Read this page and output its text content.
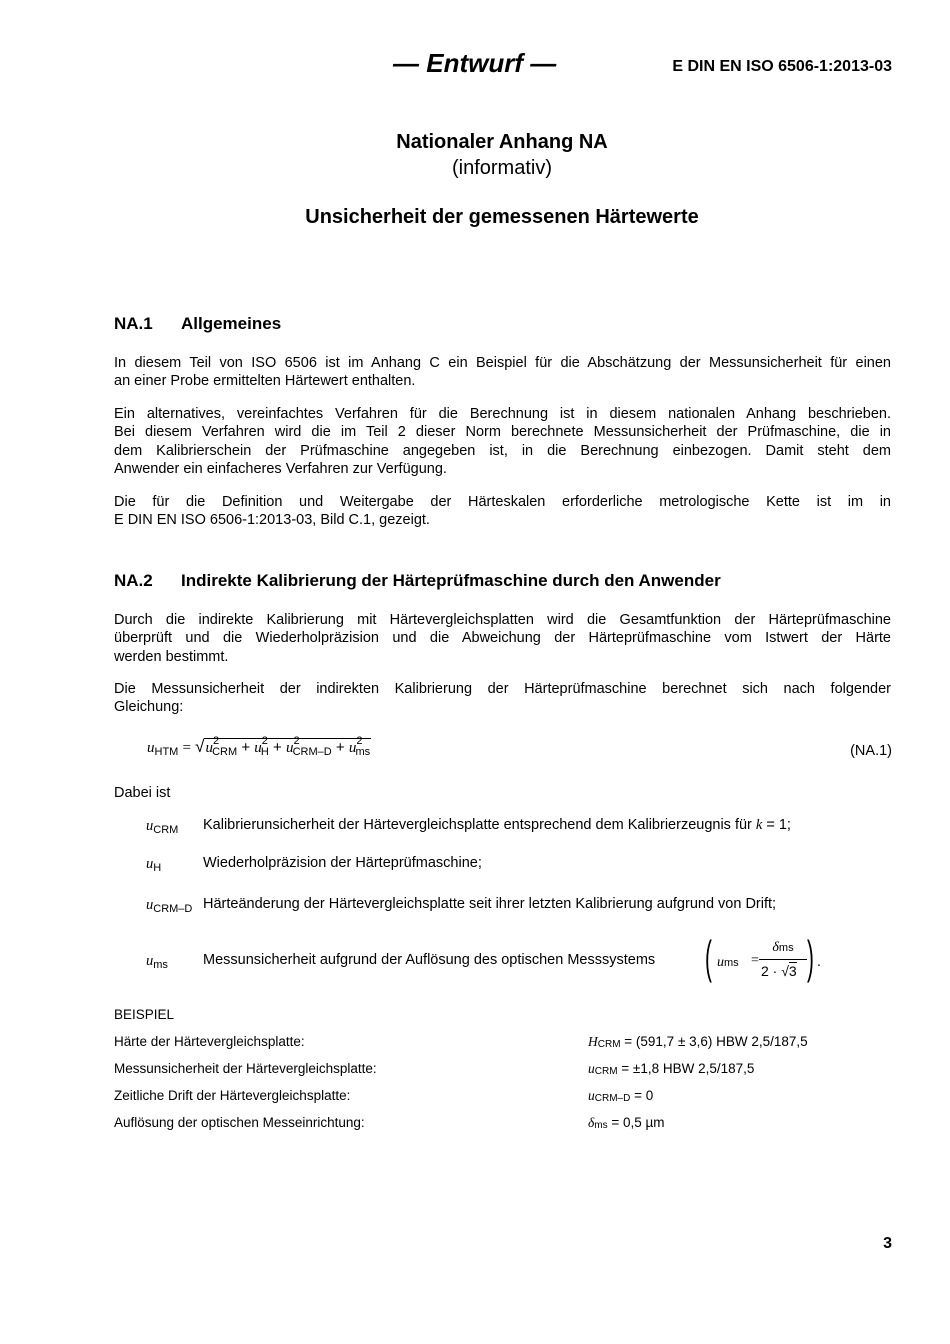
— Entwurf —	E DIN EN ISO 6506-1:2013-03
Nationaler Anhang NA
(informativ)
Unsicherheit der gemessenen Härtewerte
NA.1 Allgemeines
In diesem Teil von ISO 6506 ist im Anhang C ein Beispiel für die Abschätzung der Messunsicherheit für einen
an einer Probe ermittelten Härtewert enthalten.
Ein alternatives, vereinfachtes Verfahren für die Berechnung ist in diesem nationalen Anhang beschrieben.
Bei diesem Verfahren wird die im Teil 2 dieser Norm berechnete Messunsicherheit der Prüfmaschine, die in
dem Kalibrierschein der Prüfmaschine angegeben ist, in die Berechnung einbezogen. Damit steht dem
Anwender ein einfacheres Verfahren zur Verfügung.
Die für die Definition und Weitergabe der Härteskalen erforderliche metrologische Kette ist im in
E DIN EN ISO 6506-1:2013-03, Bild C.1, gezeigt.
NA.2 Indirekte Kalibrierung der Härteprüfmaschine durch den Anwender
Durch die indirekte Kalibrierung mit Härtevergleichsplatten wird die Gesamtfunktion der Härteprüfmaschine
überprüft und die Wiederholpräzision und die Abweichung der Härteprüfmaschine vom Istwert der Härte
werden bestimmt.
Die Messunsicherheit der indirekten Kalibrierung der Härteprüfmaschine berechnet sich nach folgender
Gleichung:
$u_{HTM} = √u^2_{CRM} + u^2_H + u^2_{CRM-D} + u^2_{ms}$	(NA.1)
Dabei ist
$u_{CRM}$ Kalibrierunsicherheit der Härtevergleichsplatte entsprechend dem Kalibrierzeugnis für k = 1;
$u_H$	Wiederholpräzision der Härteprüfmaschine;
$u_{CRM-D}$ Härteänderung der Härtevergleichsplatte seit ihrer letzten Kalibrierung aufgrund von Drift;
$u_{ms}$ Messunsicherheit aufgrund der Auflösung des optischen Messsystems ( ums =
δms
2 · √3 ) .
BEISPIEL
Härte der Härtevergleichsplatte:	HCRM = (591,7 ± 3,6) HBW 2,5/187,5
Messunsicherheit der Härtevergleichsplatte:	uCRM = ±1,8 HBW 2,5/187,5
Zeitliche Drift der Härtevergleichsplatte:	uCRM–D = 0
Auflösung der optischen Messeinrichtung:	δms = 0,5 µm
3
